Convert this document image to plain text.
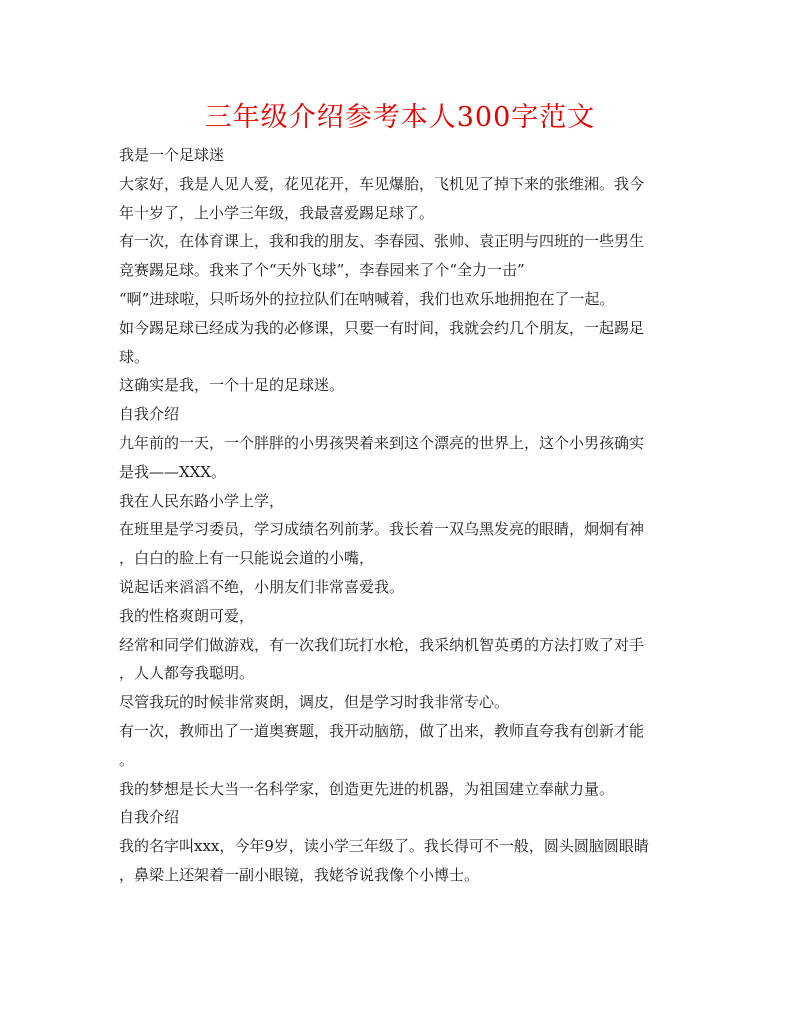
三年级介绍参考本人300字范文
我是一个足球迷
大家好，我是人见人爱，花见花开，车见爆胎，飞机见了掉下来的张维湘。我今
年十岁了，上小学三年级，我最喜爱踢足球了。
有一次，在体育课上，我和我的朋友、李春园、张帅、袁正明与四班的一些男生
竞赛踢足球。我来了个“天外飞球”，李春园来了个“全力一击”
“啊”进球啦，只听场外的拉拉队们在呐喊着，我们也欢乐地拥抱在了一起。
如今踢足球已经成为我的必修课，只要一有时间，我就会约几个朋友，一起踢足
球。
这确实是我，一个十足的足球迷。
自我介绍
九年前的一天，一个胖胖的小男孩哭着来到这个漂亮的世界上，这个小男孩确实
是我——XXX。
我在人民东路小学上学，
在班里是学习委员，学习成绩名列前茅。我长着一双乌黑发亮的眼睛，炯炯有神
，白白的脸上有一只能说会道的小嘴，
说起话来滔滔不绝，小朋友们非常喜爱我。
我的性格爽朗可爱，
经常和同学们做游戏，有一次我们玩打水枪，我采纳机智英勇的方法打败了对手
，人人都夸我聪明。
尽管我玩的时候非常爽朗，调皮，但是学习时我非常专心。
有一次，教师出了一道奥赛题，我开动脑筋，做了出来，教师直夸我有创新才能
。
我的梦想是长大当一名科学家，创造更先进的机器，为祖国建立奉献力量。
自我介绍
我的名字叫xxx，今年9岁，读小学三年级了。我长得可不一般，圆头圆脑圆眼睛
，鼻梁上还架着一副小眼镜，我姥爷说我像个小博士。
